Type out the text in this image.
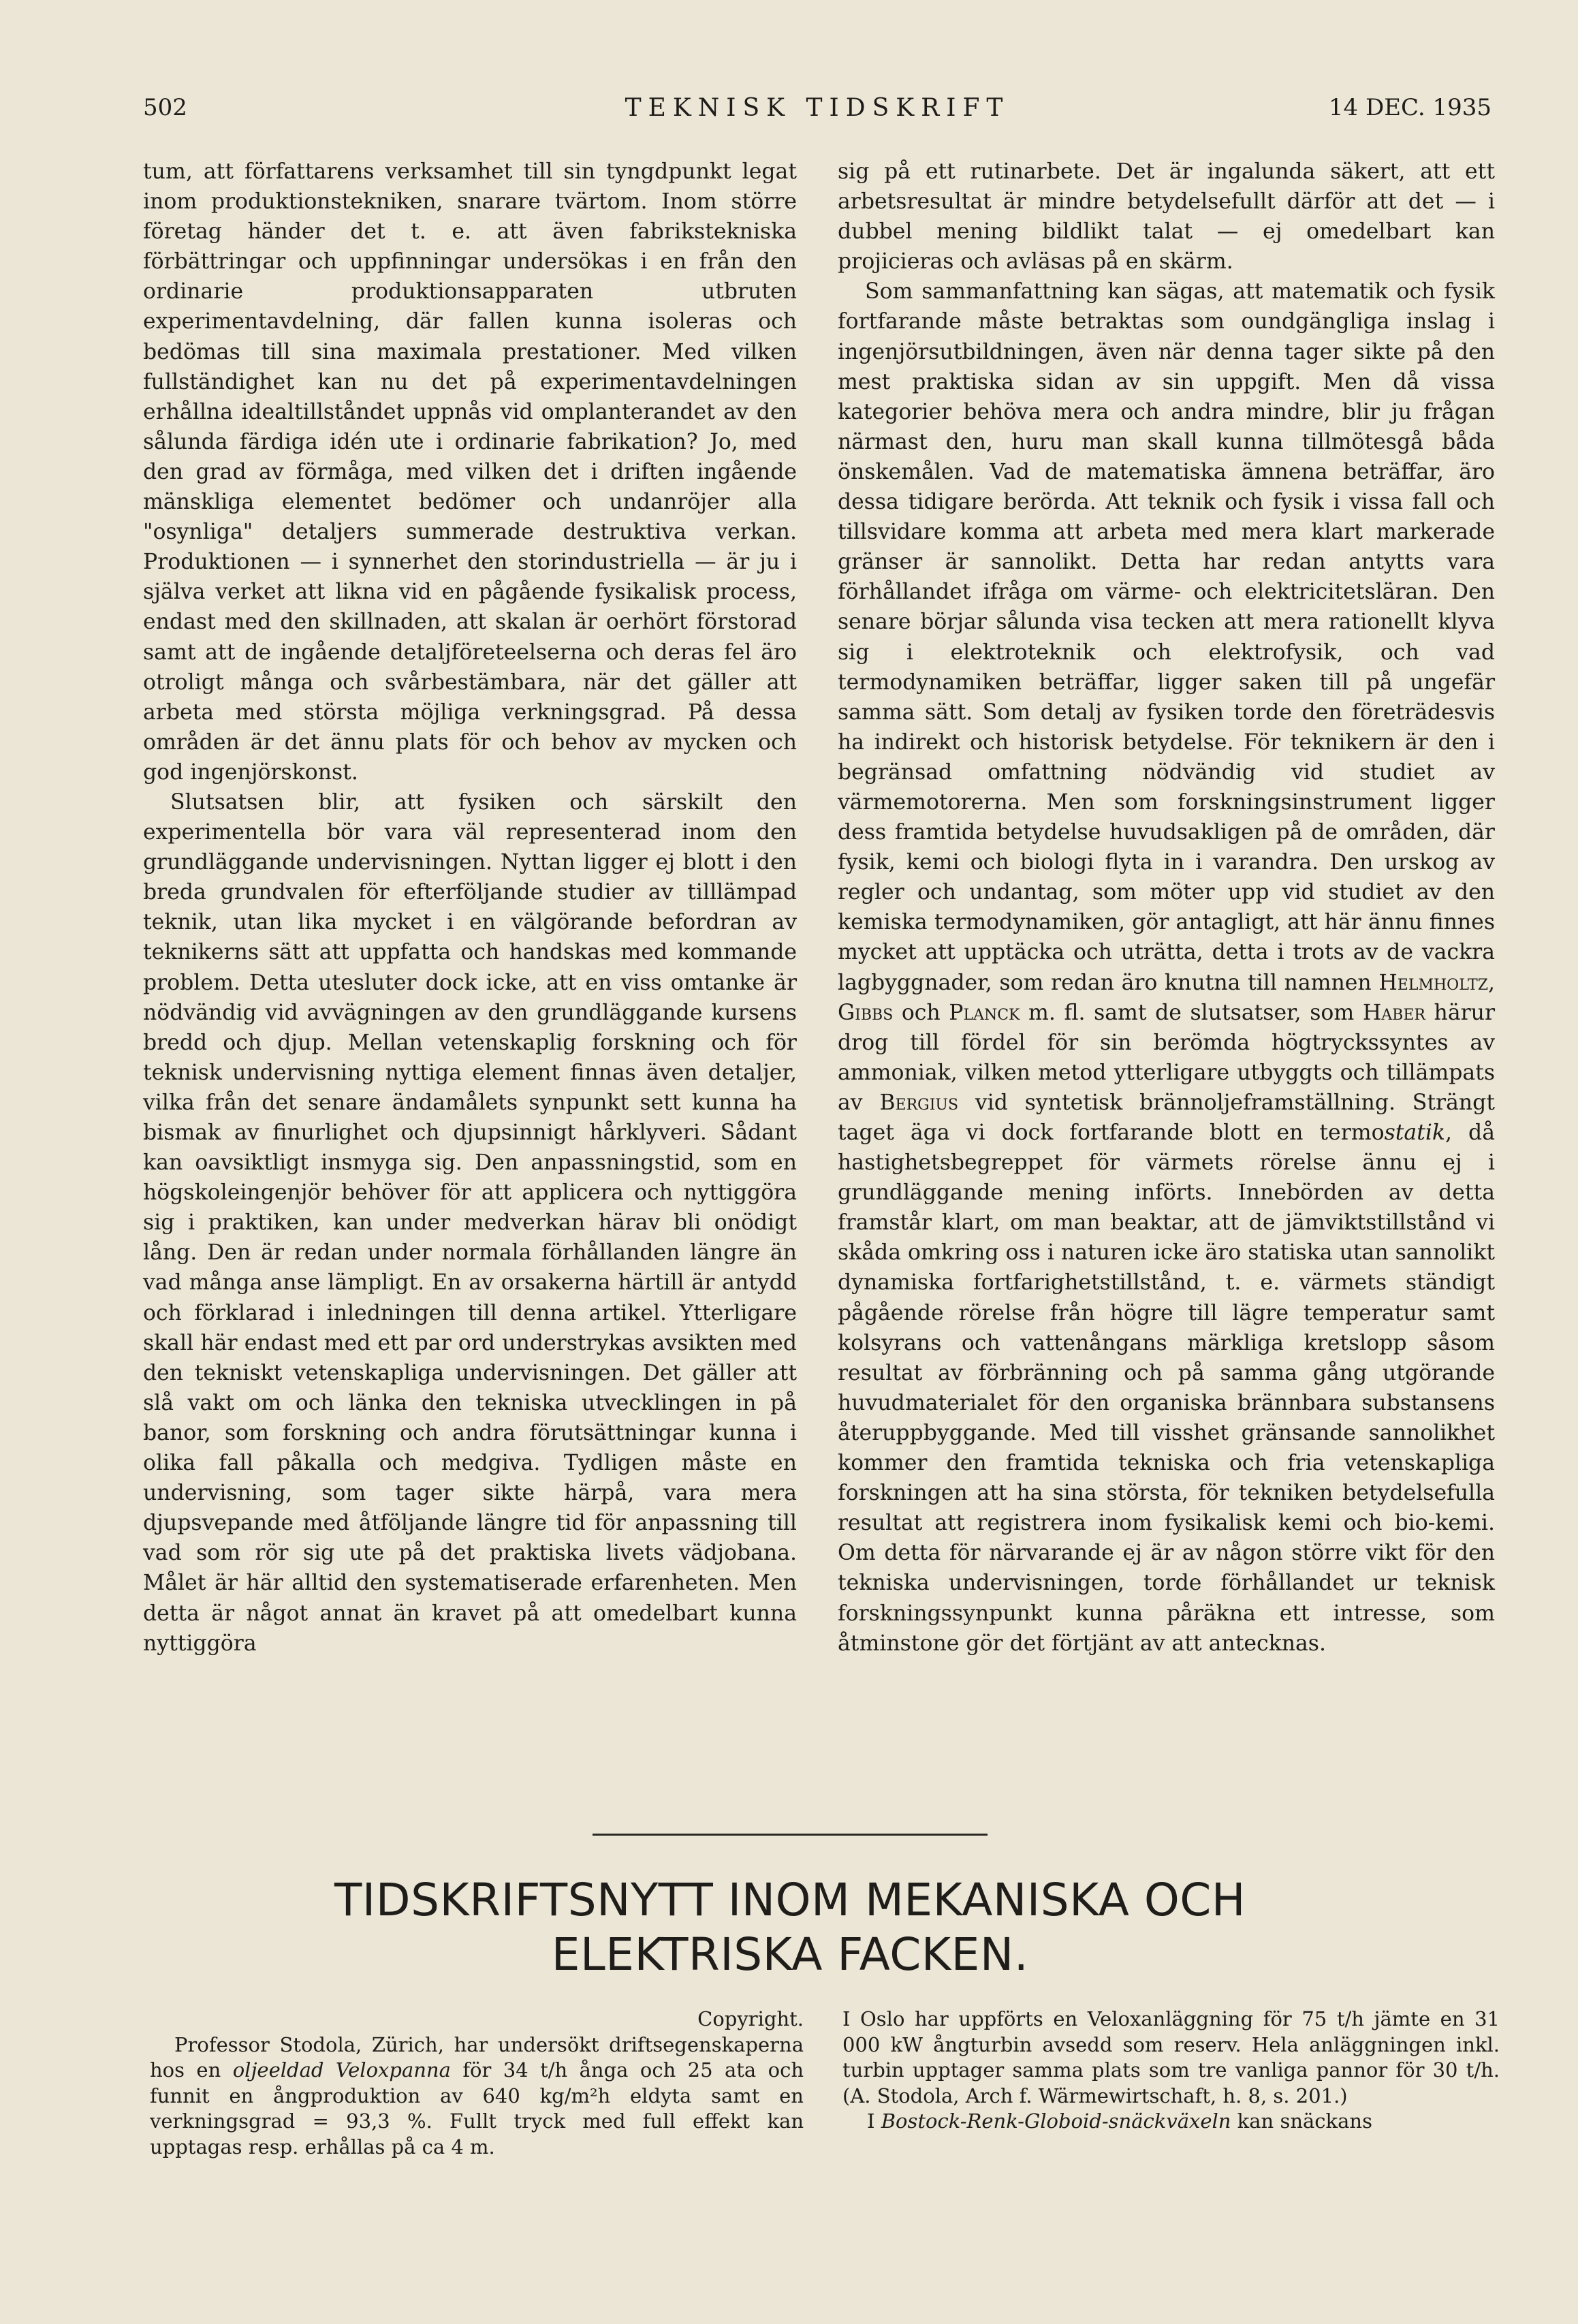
502	TEKNISK TIDSKRIFT	14 DEC. 1935

tum, att författarens verksamhet till sin tyngdpunkt legat inom produktionstekniken, snarare tvärtom. Inom större företag händer det t. e. att även fabrikstekniska förbättringar och uppfinningar undersökas i en från den ordinarie produktionsapparaten utbruten experimentavdelning, där fallen kunna isoleras och bedömas till sina maximala prestationer. Med vilken fullständighet kan nu det på experimentavdelningen erhållna idealtillståndet uppnås vid omplanterandet av den sålunda färdiga idén ute i ordinarie fabrikation? Jo, med den grad av förmåga, med vilken det i driften ingående mänskliga elementet bedömer och undanröjer alla "osynliga" detaljers summerade destruktiva verkan. Produktionen — i synnerhet den storindustriella — är ju i själva verket att likna vid en pågående fysikalisk process, endast med den skillnaden, att skalan är oerhört förstorad samt att de ingående detaljföreteelserna och deras fel äro otroligt många och svårbestämbara, när det gäller att arbeta med största möjliga verkningsgrad. På dessa områden är det ännu plats för och behov av mycken och god ingenjörskonst.

Slutsatsen blir, att fysiken och särskilt den experimentella bör vara väl representerad inom den grundläggande undervisningen. Nyttan ligger ej blott i den breda grundvalen för efterföljande studier av tilllämpad teknik, utan lika mycket i en välgörande befordran av teknikerns sätt att uppfatta och handskas med kommande problem. Detta utesluter dock icke, att en viss omtanke är nödvändig vid avvägningen av den grundläggande kursens bredd och djup. Mellan vetenskaplig forskning och för teknisk undervisning nyttiga element finnas även detaljer, vilka från det senare ändamålets synpunkt sett kunna ha bismak av finurlighet och djupsinnigt hårklyveri. Sådant kan oavsiktligt insmyga sig. Den anpassningstid, som en högskoleingenjör behöver för att applicera och nyttiggöra sig i praktiken, kan under medverkan härav bli onödigt lång. Den är redan under normala förhållanden längre än vad många anse lämpligt. En av orsakerna härtill är antydd och förklarad i inledningen till denna artikel. Ytterligare skall här endast med ett par ord understrykas avsikten med den tekniskt vetenskapliga undervisningen. Det gäller att slå vakt om och länka den tekniska utvecklingen in på banor, som forskning och andra förutsättningar kunna i olika fall påkalla och medgiva. Tydligen måste en undervisning, som tager sikte härpå, vara mera djupsvepande med åtföljande längre tid för anpassning till vad som rör sig ute på det praktiska livets vädjobana. Målet är här alltid den systematiserade erfarenheten. Men detta är något annat än kravet på att omedelbart kunna nyttiggöra

sig på ett rutinarbete. Det är ingalunda säkert, att ett arbetsresultat är mindre betydelsefullt därför att det — i dubbel mening bildlikt talat — ej omedelbart kan projicieras och avläsas på en skärm.

Som sammanfattning kan sägas, att matematik och fysik fortfarande måste betraktas som oundgängliga inslag i ingenjörsutbildningen, även när denna tager sikte på den mest praktiska sidan av sin uppgift. Men då vissa kategorier behöva mera och andra mindre, blir ju frågan närmast den, huru man skall kunna tillmötesgå båda önskemålen. Vad de matematiska ämnena beträffar, äro dessa tidigare berörda. Att teknik och fysik i vissa fall och tillsvidare komma att arbeta med mera klart markerade gränser är sannolikt. Detta har redan antytts vara förhållandet ifråga om värme- och elektricitetsläran. Den senare börjar sålunda visa tecken att mera rationellt klyva sig i elektroteknik och elektrofysik, och vad termodynamiken beträffar, ligger saken till på ungefär samma sätt. Som detalj av fysiken torde den företrädesvis ha indirekt och historisk betydelse. För teknikern är den i begränsad omfattning nödvändig vid studiet av värmemotorerna. Men som forskningsinstrument ligger dess framtida betydelse huvudsakligen på de områden, där fysik, kemi och biologi flyta in i varandra. Den urskog av regler och undantag, som möter upp vid studiet av den kemiska termodynamiken, gör antagligt, att här ännu finnes mycket att upptäcka och uträtta, detta i trots av de vackra lagbyggnader, som redan äro knutna till namnen Helmholtz, Gibbs och Planck m. fl. samt de slutsatser, som Haber härur drog till fördel för sin berömda högtryckssyntes av ammoniak, vilken metod ytterligare utbyggts och tillämpats av Bergius vid syntetisk brännoljeframställning. Strängt taget äga vi dock fortfarande blott en termostatik, då hastighetsbegreppet för värmets rörelse ännu ej i grundläggande mening införts. Innebörden av detta framstår klart, om man beaktar, att de jämviktstillstånd vi skåda omkring oss i naturen icke äro statiska utan sannolikt dynamiska fortfarighetstillstånd, t. e. värmets ständigt pågående rörelse från högre till lägre temperatur samt kolsyrans och vattenångans märkliga kretslopp såsom resultat av förbränning och på samma gång utgörande huvudmaterialet för den organiska brännbara substansens återuppbyggande. Med till visshet gränsande sannolikhet kommer den framtida tekniska och fria vetenskapliga forskningen att ha sina största, för tekniken betydelsefulla resultat att registrera inom fysikalisk kemi och bio-kemi. Om detta för närvarande ej är av någon större vikt för den tekniska undervisningen, torde förhållandet ur teknisk forskningssynpunkt kunna påräkna ett intresse, som åtminstone gör det förtjänt av att antecknas.

TIDSKRIFTSNYTT INOM MEKANISKA OCH
ELEKTRISKA FACKEN.
Copyright.

Professor Stodola, Zürich, har undersökt driftsegenskaperna hos en oljeeldad Veloxpanna för 34 t/h ånga och 25 ata och funnit en ångproduktion av 640 kg/m²h eldyta samt en verkningsgrad = 93,3 %. Fullt tryck med full effekt kan upptagas resp. erhållas på ca 4 m.

I Oslo har uppförts en Veloxanläggning för 75 t/h jämte en 31 000 kW ångturbin avsedd som reserv. Hela anläggningen inkl. turbin upptager samma plats som tre vanliga pannor för 30 t/h. (A. Stodola, Arch f. Wärmewirtschaft, h. 8, s. 201.)

I Bostock-Renk-Globoid-snäckväxeln kan snäckans
